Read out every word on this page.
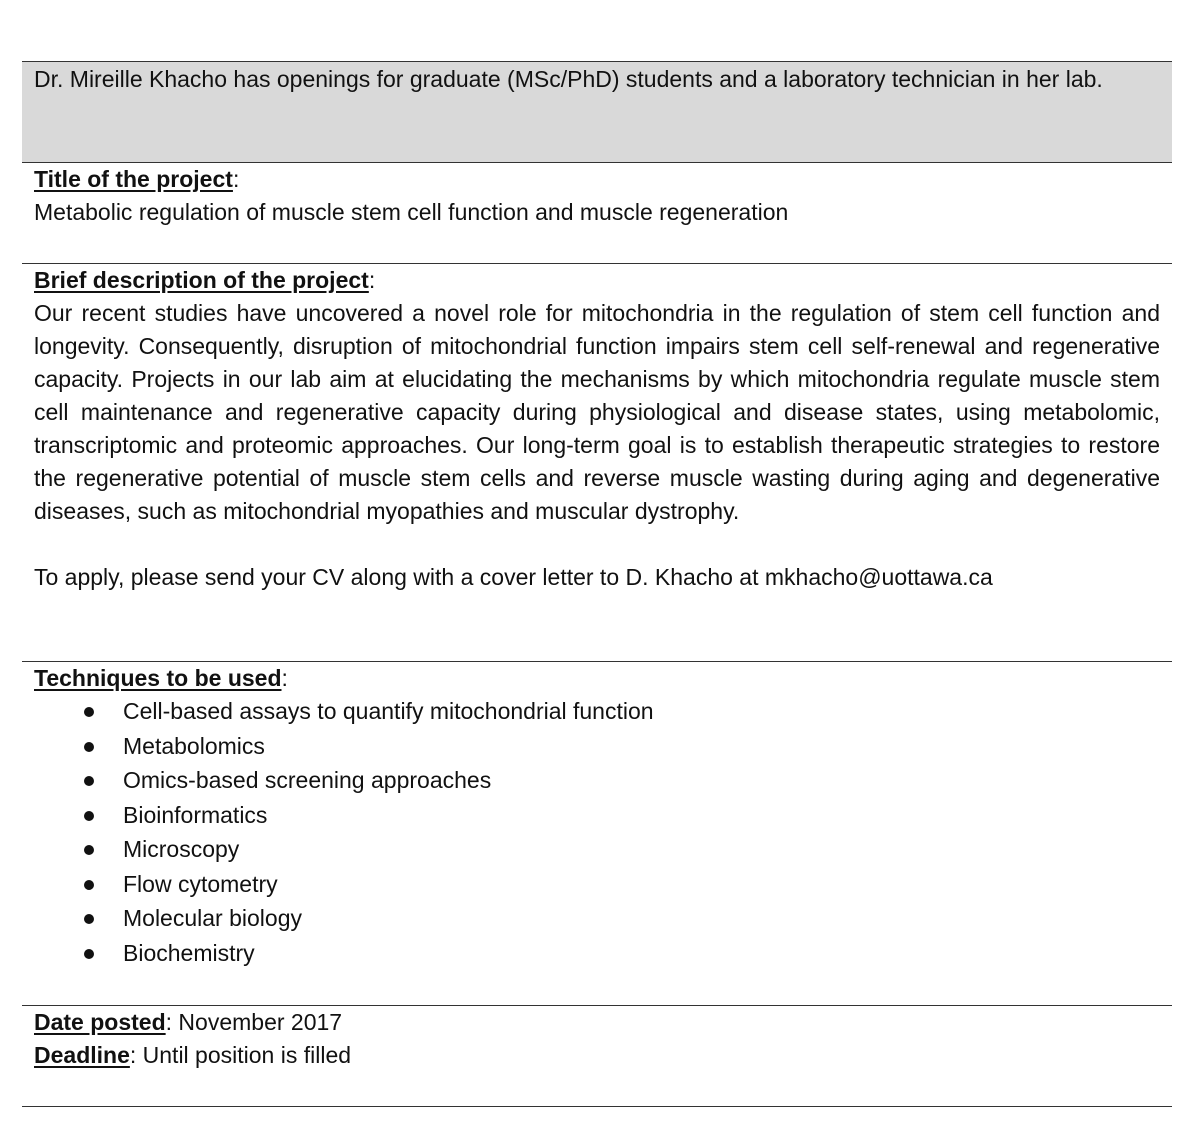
Dr. Mireille Khacho has openings for graduate (MSc/PhD) students and a laboratory technician in her lab.

Title of the project:

Metabolic regulation of muscle stem cell function and muscle regeneration

Brief description of the project:

Our recent studies have uncovered a novel role for mitochondria in the regulation of stem cell function and longevity. Consequently, disruption of mitochondrial function impairs stem cell self-renewal and regenerative capacity. Projects in our lab aim at elucidating the mechanisms by which mitochondria regulate muscle stem cell maintenance and regenerative capacity during physiological and disease states, using metabolomic, transcriptomic and proteomic approaches. Our long-term goal is to establish therapeutic strategies to restore the regenerative potential of muscle stem cells and reverse muscle wasting during aging and degenerative diseases, such as mitochondrial myopathies and muscular dystrophy.

To apply, please send your CV along with a cover letter to D. Khacho at mkhacho@uottawa.ca

Techniques to be used:

Cell-based assays to quantify mitochondrial function
Metabolomics
Omics-based screening approaches
Bioinformatics
Microscopy
Flow cytometry
Molecular biology
Biochemistry

Date posted: November 2017

Deadline: Until position is filled
